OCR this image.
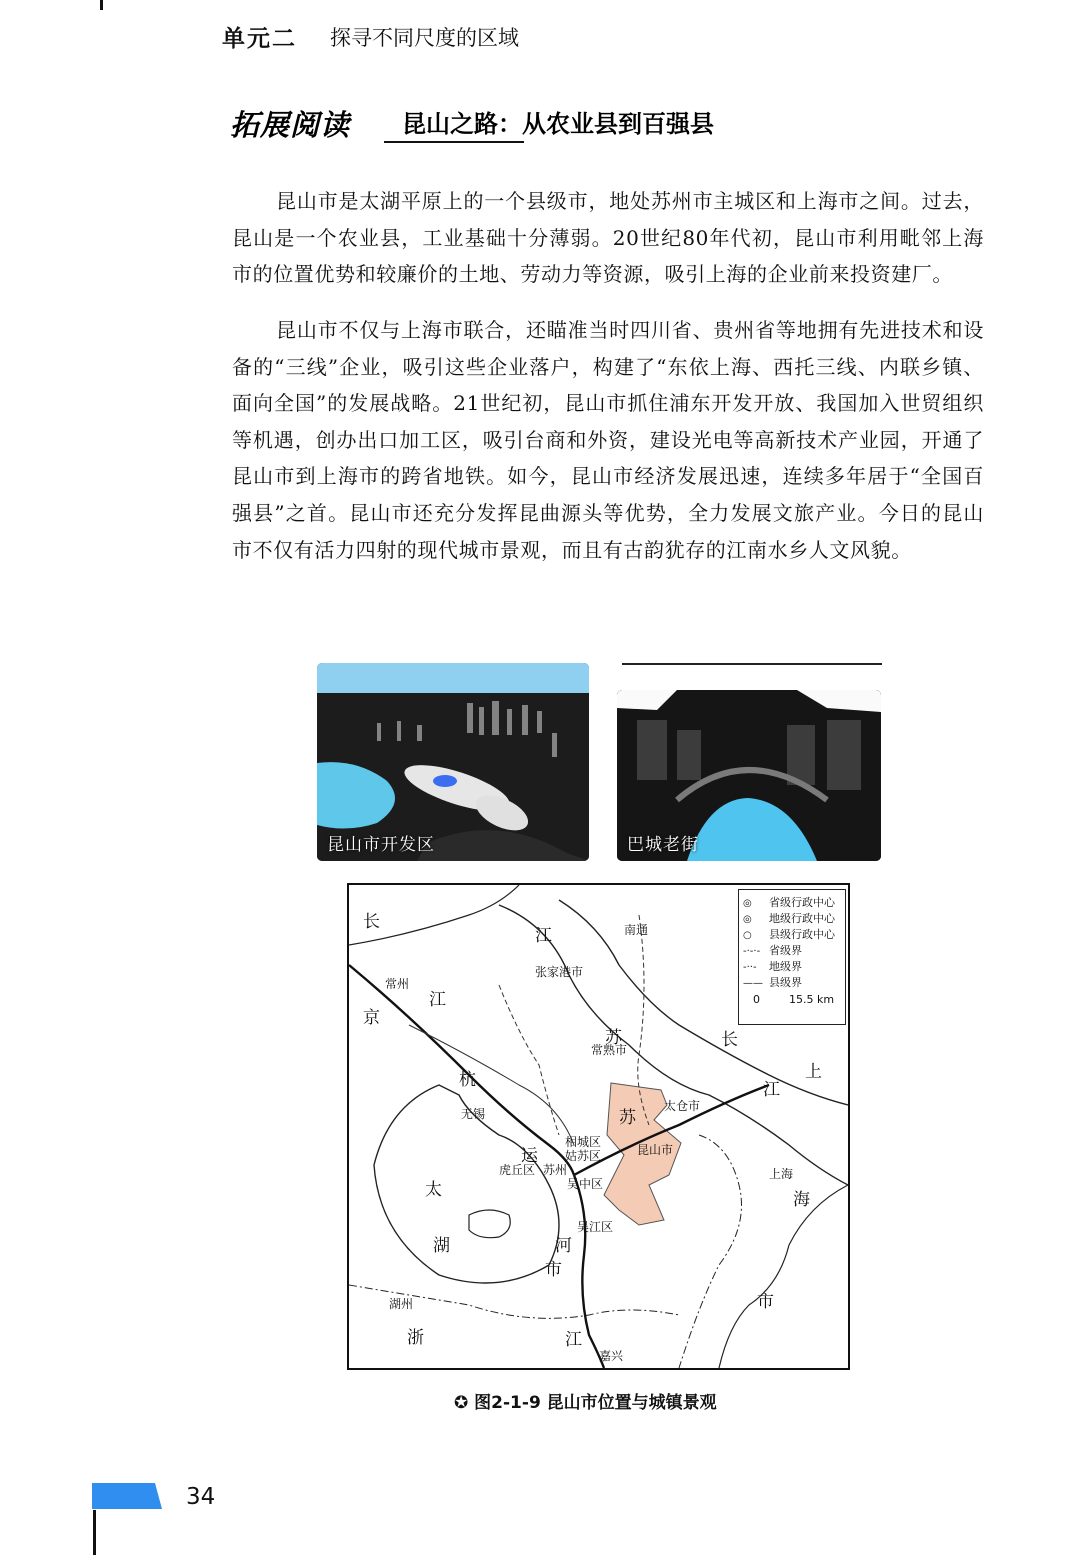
单元二 探寻不同尺度的区域
拓展阅读 昆山之路：从农业县到百强县

昆山市是太湖平原上的一个县级市，地处苏州市主城区和上海市之间。过去，昆山是一个农业县，工业基础十分薄弱。20世纪80年代初，昆山市利用毗邻上海市的位置优势和较廉价的土地、劳动力等资源，吸引上海的企业前来投资建厂。

昆山市不仅与上海市联合，还瞄准当时四川省、贵州省等地拥有先进技术和设备的“三线”企业，吸引这些企业落户，构建了“东依上海、西托三线、内联乡镇、面向全国”的发展战略。21世纪初，昆山市抓住浦东开发开放、我国加入世贸组织等机遇，创办出口加工区，吸引台商和外资，建设光电等高新技术产业园，开通了昆山市到上海市的跨省地铁。如今，昆山市经济发展迅速，连续多年居于“全国百强县”之首。昆山市还充分发挥昆曲源头等优势，全力发展文旅产业。今日的昆山市不仅有活力四射的现代城市景观，而且有古韵犹存的江南水乡人文风貌。

昆山市开发区	巴城老街
◎ 省级行政中心
◎ 地级行政中心
○ 县级行政中心
-·-·- 省级界
-··- 地级界
—— 县级界
0	15.5 km
南通
常州
张家港市
常熟市
太仓市
无锡
相城区
姑苏区
虎丘区 苏州
吴中区
昆山市
上海
吴江区
湖州
嘉兴
长
江
江
京
杭
运
河
市
江
苏
苏
长
江
上
海
市
太
湖
浙
✪ 图2-1-9 昆山市位置与城镇景观
34
